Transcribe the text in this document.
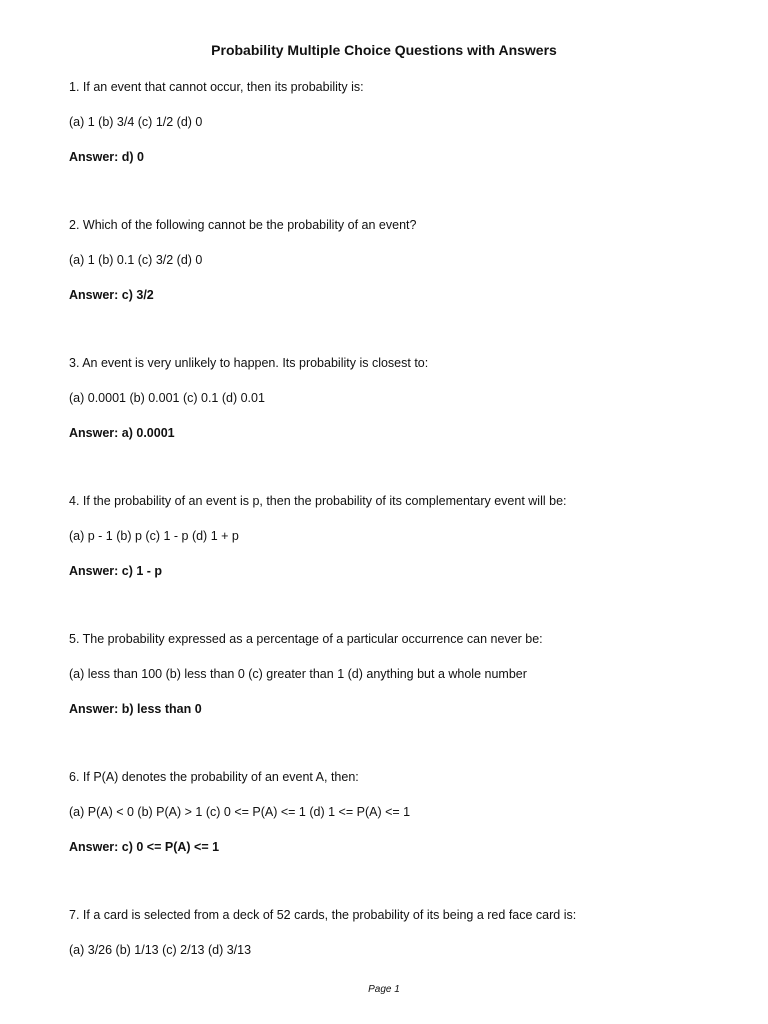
Probability Multiple Choice Questions with Answers
1. If an event that cannot occur, then its probability is:
(a) 1 (b) 3/4 (c) 1/2 (d) 0
Answer: d) 0
2. Which of the following cannot be the probability of an event?
(a) 1 (b) 0.1 (c) 3/2 (d) 0
Answer: c) 3/2
3. An event is very unlikely to happen. Its probability is closest to:
(a) 0.0001 (b) 0.001 (c) 0.1 (d) 0.01
Answer: a) 0.0001
4. If the probability of an event is p, then the probability of its complementary event will be:
(a) p - 1 (b) p (c) 1 - p (d) 1 + p
Answer: c) 1 - p
5. The probability expressed as a percentage of a particular occurrence can never be:
(a) less than 100 (b) less than 0 (c) greater than 1 (d) anything but a whole number
Answer: b) less than 0
6. If P(A) denotes the probability of an event A, then:
(a) P(A) < 0 (b) P(A) > 1 (c) 0 <= P(A) <= 1 (d) 1 <= P(A) <= 1
Answer: c) 0 <= P(A) <= 1
7. If a card is selected from a deck of 52 cards, the probability of its being a red face card is:
(a) 3/26 (b) 1/13 (c) 2/13 (d) 3/13
Page 1
